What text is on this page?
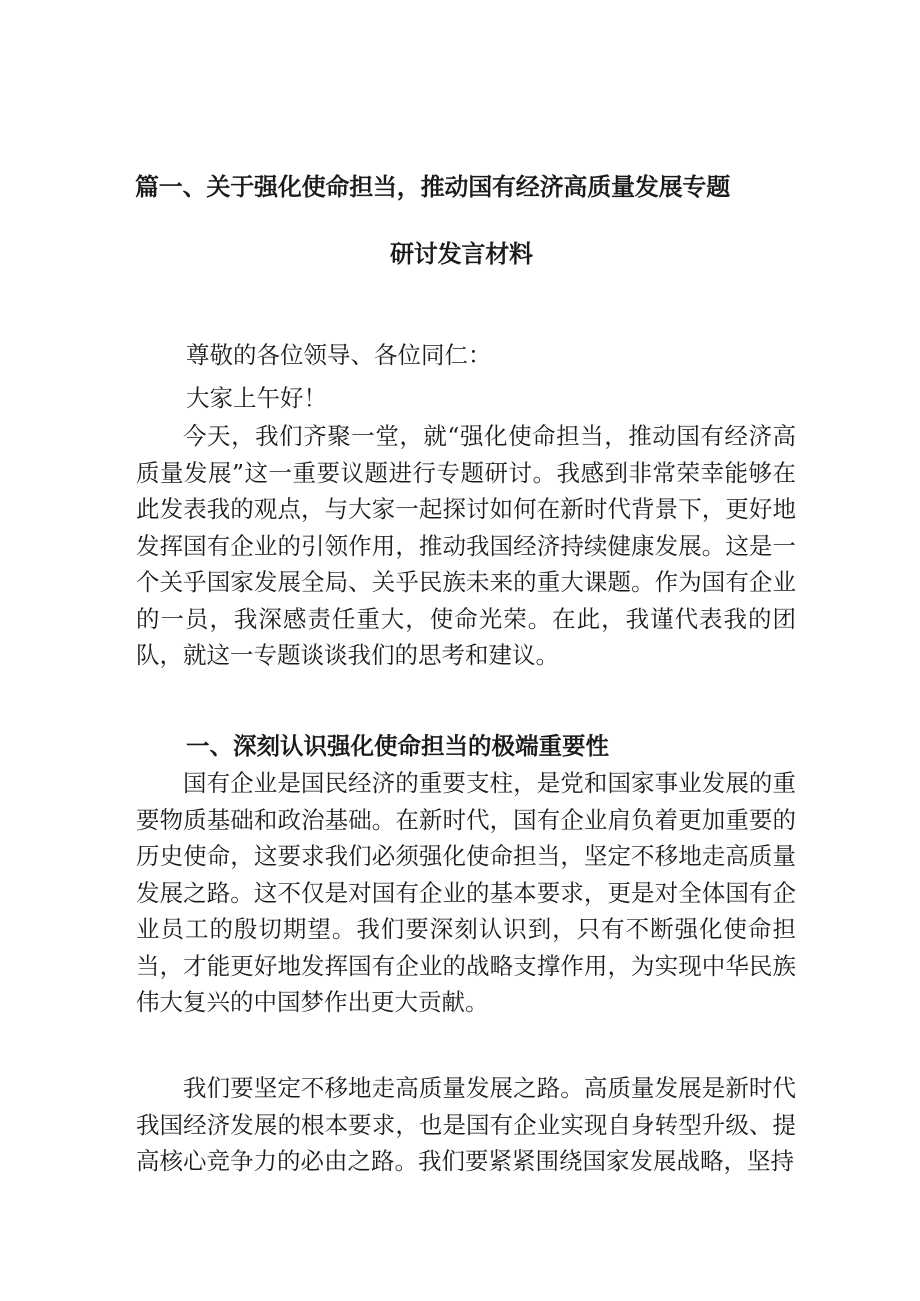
篇一、关于强化使命担当，推动国有经济高质量发展专题
研讨发言材料

尊敬的各位领导、各位同仁：

大家上午好！

今天，我们齐聚一堂，就“强化使命担当，推动国有经济高质量发展”这一重要议题进行专题研讨。我感到非常荣幸能够在此发表我的观点，与大家一起探讨如何在新时代背景下，更好地发挥国有企业的引领作用，推动我国经济持续健康发展。这是一个关乎国家发展全局、关乎民族未来的重大课题。作为国有企业的一员，我深感责任重大，使命光荣。在此，我谨代表我的团队，就这一专题谈谈我们的思考和建议。

一、深刻认识强化使命担当的极端重要性

国有企业是国民经济的重要支柱，是党和国家事业发展的重要物质基础和政治基础。在新时代，国有企业肩负着更加重要的历史使命，这要求我们必须强化使命担当，坚定不移地走高质量发展之路。这不仅是对国有企业的基本要求，更是对全体国有企业员工的殷切期望。我们要深刻认识到，只有不断强化使命担当，才能更好地发挥国有企业的战略支撑作用，为实现中华民族伟大复兴的中国梦作出更大贡献。

我们要坚定不移地走高质量发展之路。高质量发展是新时代我国经济发展的根本要求，也是国有企业实现自身转型升级、提高核心竞争力的必由之路。我们要紧紧围绕国家发展战略，坚持
